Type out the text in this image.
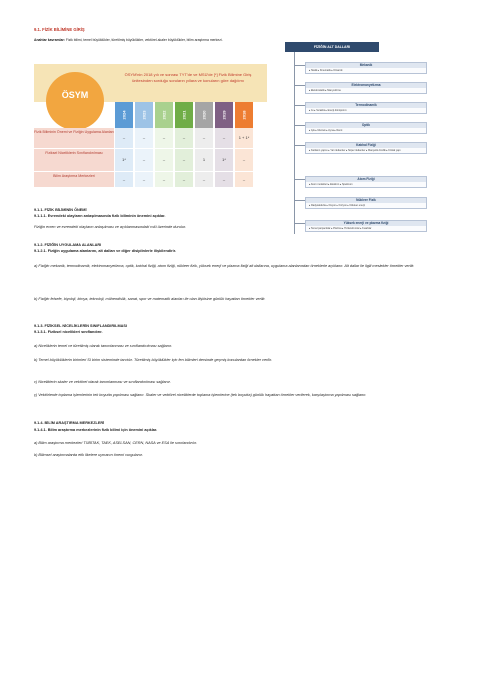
9.1. FİZİK BİLİMİNE GİRİŞ
Anahtar kavramlar: Fizik bilimi, temel büyüklükler, türetilmiş büyüklükler, vektörel-skaler büyüklükler, bilim araştırma merkezi.
ÖSYM
ÖSYM'nin 2018 yılı ve sonrası TYT'de ve MSÜ'de [*] Fizik Bilimine Giriş ünitesinden sorduğu soruların yıllara ve konuların göre dağılımı
2024	2023	2022	2021	2020	2019	2018
Fizik Biliminin Önemi ve Fiziğin Uygulama Alanları
–	–	–	–	–	–	1 + 1*
Fiziksel Niceliklerin Sınıflandırılması
1*	–	–	–	1	1*	–
Bilim Araştırma Merkezleri
–	–	–	–	–	–	–
FİZİĞİN ALT DALLARI
Mekanik
▸ Statik ▸ Kinematik ▸ Dinamik
Elektromanyetizma
▸ Elektrostatik ▸ Manyetizma
Termodinamik
▸ Isı ▸ Sıcaklık ▸ Enerji dönüşümü
Optik
▸ Işık ▸ Mercek ▸ Ayna ▸ Renk
Katıhal Fiziği
▸ Katıların yapısı ▸ Yarı iletkenler ▸ Süper iletkenler ▸ Manyetik özellik ▸ Kristal yapı
Atom Fiziği
▸ Atom modelleri ▸ Elektron ▸ Spektrum
Nükleer Fizik
▸ Radyoaktivite ▸ Fisyon ▸ Füzyon ▸ Nükleer enerji
Yüksek enerji ve plazma fiziği
▸ Temel parçacıklar ▸ Plazma ▸ Hızlandırıcılar ▸ Kuarklar
9.1.1. FİZİK BİLİMİNİN ÖNEMİ
9.1.1.1. Evrendeki olayların anlaşılmasında fizik biliminin önemini açıklar.
Fiziğin evren ve evrendeki olayların anlaşılması ve açıklanmasındaki rolü üzerinde durulur.
9.1.2. FİZİĞİN UYGULAMA ALANLARI
9.1.2.1. Fiziğin uygulama alanlarını, alt dalları ve diğer disiplinlerle ilişkilendirir.
a) Fiziğin mekanik, termodinamik, elektromanyetizma, optik, katıhal fiziği, atom fiziği, nükleer fizik, yüksek enerji ve plazma fiziği alt dallarına, uygulama alanlarından örneklerle açıklanır. Alt dallar ile ilgili meslekler örnekler verilir.
b) Fiziğin felsefe, biyoloji, kimya, teknoloji, mühendislik, sanat, spor ve matematik alanları ile olan ilişkisine günlük hayattan örnekler verilir.
9.1.3. FİZİKSEL NİCELİKLERİN SINIFLANDIRILMASI
9.1.3.1. Fiziksel nicelikleri sınıflandırır.
a) Niceliklerin temel ve türetilmiş olarak tanımlanması ve sınıflandırılması sağlanır.
b) Temel büyüklüklerin birimleri SI birim sisteminde tanıtılır. Türetilmiş büyüklükler için fen bilimleri dersinde geçmiş konulardan örnekler verilir.
c) Niceliklerin skaler ve vektörel olarak tanımlanması ve sınıflandırılması sağlanır.
ç) Vektörlerde toplama işlemlerinin tek boyutta yapılması sağlanır. Skaler ve vektörel niceliklerde toplama işlemlerine (tek boyutta) günlük hayattan örnekler verilerek, karşılaştırma yapılması sağlanır.
9.1.4. BİLİM ARAŞTIRMA MERKEZLERİ
9.1.4.1. Bilim araştırma merkezlerinin fizik bilimi için önemini açıklar.
a) Bilim araştırma merkezleri TÜBİTAK, TAEK, ASELSAN, CERN, NASA ve ESA ile sınırlandırılır.
b) Bilimsel araştırmalarda etik ilkelere uymanın önemi vurgulanır.
